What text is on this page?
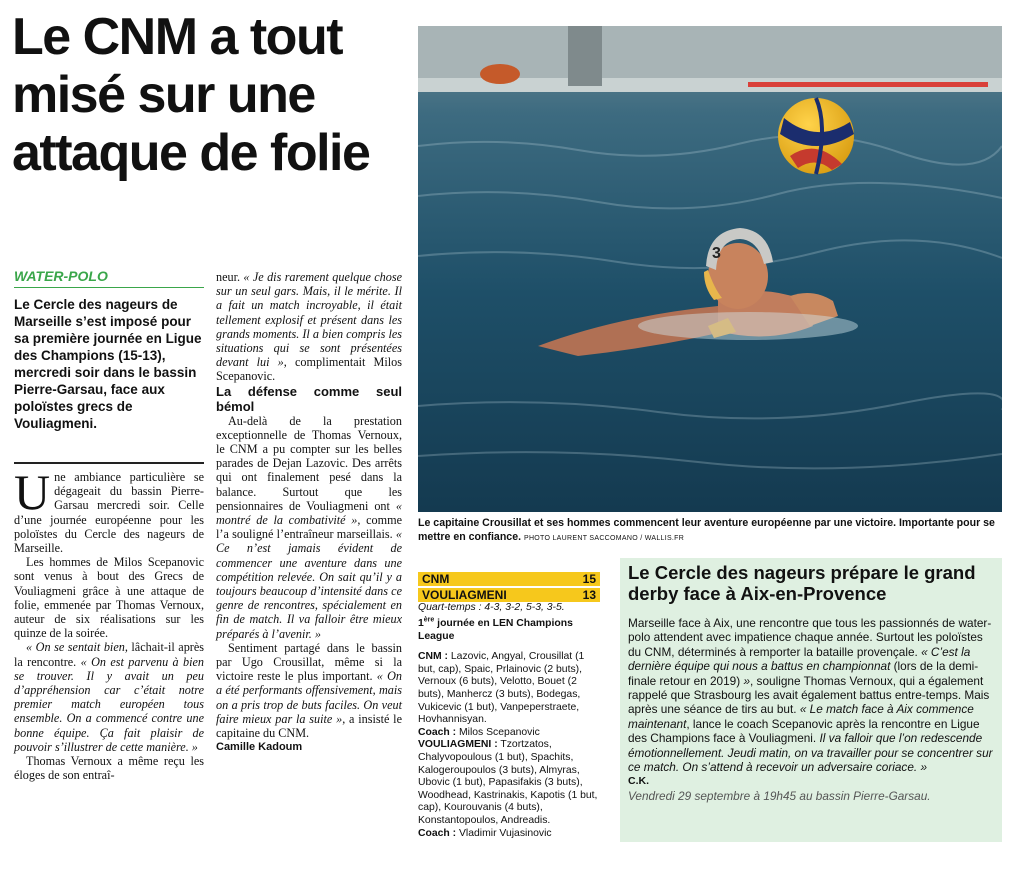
Le CNM a tout misé sur une attaque de folie
WATER-POLO
Le Cercle des nageurs de Marseille s’est imposé pour sa première journée en Ligue des Champions (15-13), mercredi soir dans le bassin Pierre-Garsau, face aux poloïstes grecs de Vouliagmeni.

Une ambiance particulière se dégageait du bassin Pierre-Garsau mercredi soir. Celle d’une journée européenne pour les poloïstes du Cercle des nageurs de Marseille.

Les hommes de Milos Scepanovic sont venus à bout des Grecs de Vouliagmeni grâce à une attaque de folie, emmenée par Thomas Vernoux, auteur de six réalisations sur les quinze de la soirée.

« On se sentait bien, lâchait-il après la rencontre. « On est parvenu à bien se trouver. Il y avait un peu d’appréhension car c’était notre premier match européen tous ensemble. On a commencé contre une bonne équipe. Ça fait plaisir de pouvoir s’illustrer de cette manière. »

Thomas Vernoux a même reçu les éloges de son entraî-

neur. « Je dis rarement quelque chose sur un seul gars. Mais, il le mérite. Il a fait un match incroyable, il était tellement explosif et présent dans les grands moments. Il a bien compris les situations qui se sont présentées devant lui », complimentait Milos Scepanovic.

La défense comme seul bémol

Au-delà de la prestation exceptionnelle de Thomas Vernoux, le CNM a pu compter sur les belles parades de Dejan Lazovic. Des arrêts qui ont finalement pesé dans la balance. Surtout que les pensionnaires de Vouliagmeni ont « montré de la combativité », comme l’a souligné l’entraîneur marseillais. « Ce n’est jamais évident de commencer une aventure dans une compétition relevée. On sait qu’il y a toujours beaucoup d’intensité dans ce genre de rencontres, spécialement en fin de match. Il va falloir être mieux préparés à l’avenir. »

Sentiment partagé dans le bassin par Ugo Crousillat, même si la victoire reste le plus important. « On a été performants offensivement, mais on a pris trop de buts faciles. On veut faire mieux par la suite », a insisté le capitaine du CNM.

Camille Kadoum

3
Le capitaine Crousillat et ses hommes commencent leur aventure européenne par une victoire. Importante pour se mettre en confiance. PHOTO LAURENT SACCOMANO / WALLIS.FR
CNM	15
VOULIAGMENI	13

Quart-temps : 4-3, 3-2, 5-3, 3-5.

1ère journée en LEN Champions League

CNM : Lazovic, Angyal, Crousillat (1 but, cap), Spaic, Prlainovic (2 buts), Vernoux (6 buts), Velotto, Bouet (2 buts), Manhercz (3 buts), Bodegas, Vukicevic (1 but), Vanpeperstraete, Hovhannisyan.

Coach : Milos Scepanovic

VOULIAGMENI : Tzortzatos, Chalyvopoulous (1 but), Spachits, Kalogeroupoulos (3 buts), Almyras, Ubovic (1 but), Papasifakis (3 buts), Woodhead, Kastrinakis, Kapotis (1 but, cap), Kourouvanis (4 buts), Konstantopoulos, Andreadis.

Coach : Vladimir Vujasinovic

Le Cercle des nageurs prépare le grand derby face à Aix-en-Provence

Marseille face à Aix, une rencontre que tous les passionnés de water-polo attendent avec impatience chaque année. Surtout les poloïstes du CNM, déterminés à remporter la bataille provençale. « C’est la dernière équipe qui nous a battus en championnat (lors de la demi-finale retour en 2019) », souligne Thomas Vernoux, qui a également rappelé que Strasbourg les avait également battus entre-temps. Mais après une séance de tirs au but. « Le match face à Aix commence maintenant, lance le coach Scepanovic après la rencontre en Ligue des Champions face à Vouliagmeni. Il va falloir que l’on redescende émotionnellement. Jeudi matin, on va travailler pour se concentrer sur ce match. On s’attend à recevoir un adversaire coriace. »

C.K.

Vendredi 29 septembre à 19h45 au bassin Pierre-Garsau.
